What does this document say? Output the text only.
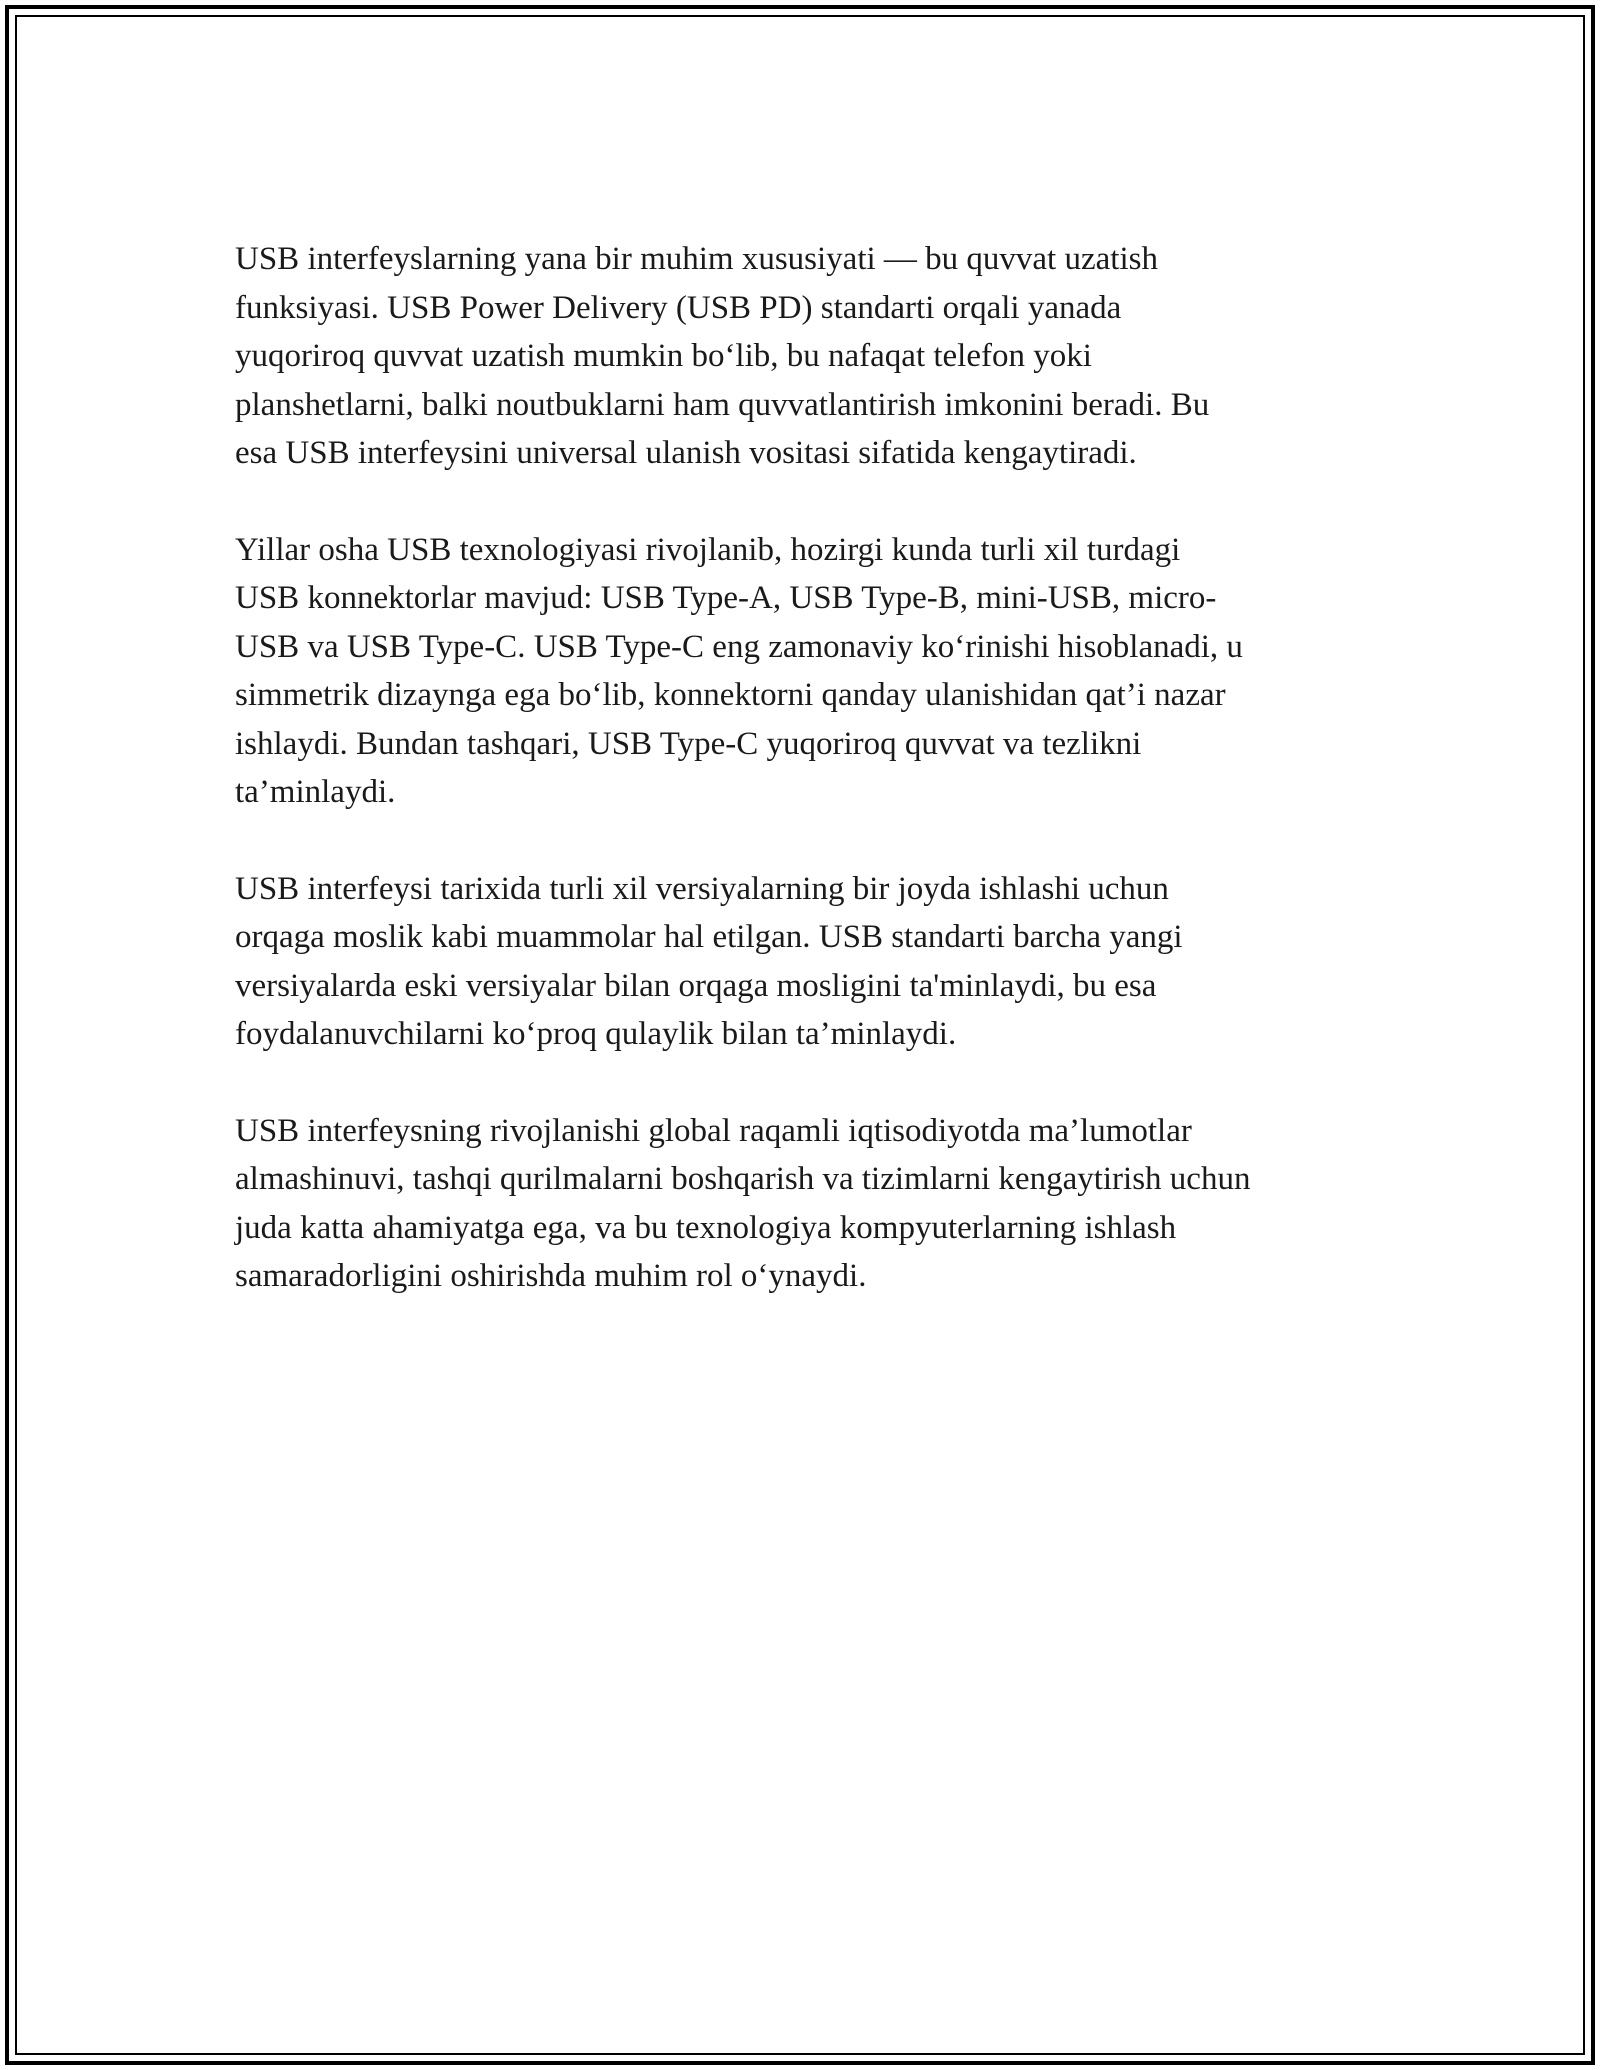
USB interfeyslarning yana bir muhim xususiyati — bu quvvat uzatish
funksiyasi. USB Power Delivery (USB PD) standarti orqali yanada
yuqoriroq quvvat uzatish mumkin bo‘lib, bu nafaqat telefon yoki
planshetlarni, balki noutbuklarni ham quvvatlantirish imkonini beradi. Bu
esa USB interfeysini universal ulanish vositasi sifatida kengaytiradi.

Yillar osha USB texnologiyasi rivojlanib, hozirgi kunda turli xil turdagi
USB konnektorlar mavjud: USB Type-A, USB Type-B, mini-USB, micro-
USB va USB Type-C. USB Type-C eng zamonaviy ko‘rinishi hisoblanadi, u
simmetrik dizaynga ega bo‘lib, konnektorni qanday ulanishidan qat’i nazar
ishlaydi. Bundan tashqari, USB Type-C yuqoriroq quvvat va tezlikni
ta’minlaydi.

USB interfeysi tarixida turli xil versiyalarning bir joyda ishlashi uchun
orqaga moslik kabi muammolar hal etilgan. USB standarti barcha yangi
versiyalarda eski versiyalar bilan orqaga mosligini ta'minlaydi, bu esa
foydalanuvchilarni ko‘proq qulaylik bilan ta’minlaydi.

USB interfeysning rivojlanishi global raqamli iqtisodiyotda ma’lumotlar
almashinuvi, tashqi qurilmalarni boshqarish va tizimlarni kengaytirish uchun
juda katta ahamiyatga ega, va bu texnologiya kompyuterlarning ishlash
samaradorligini oshirishda muhim rol o‘ynaydi.
